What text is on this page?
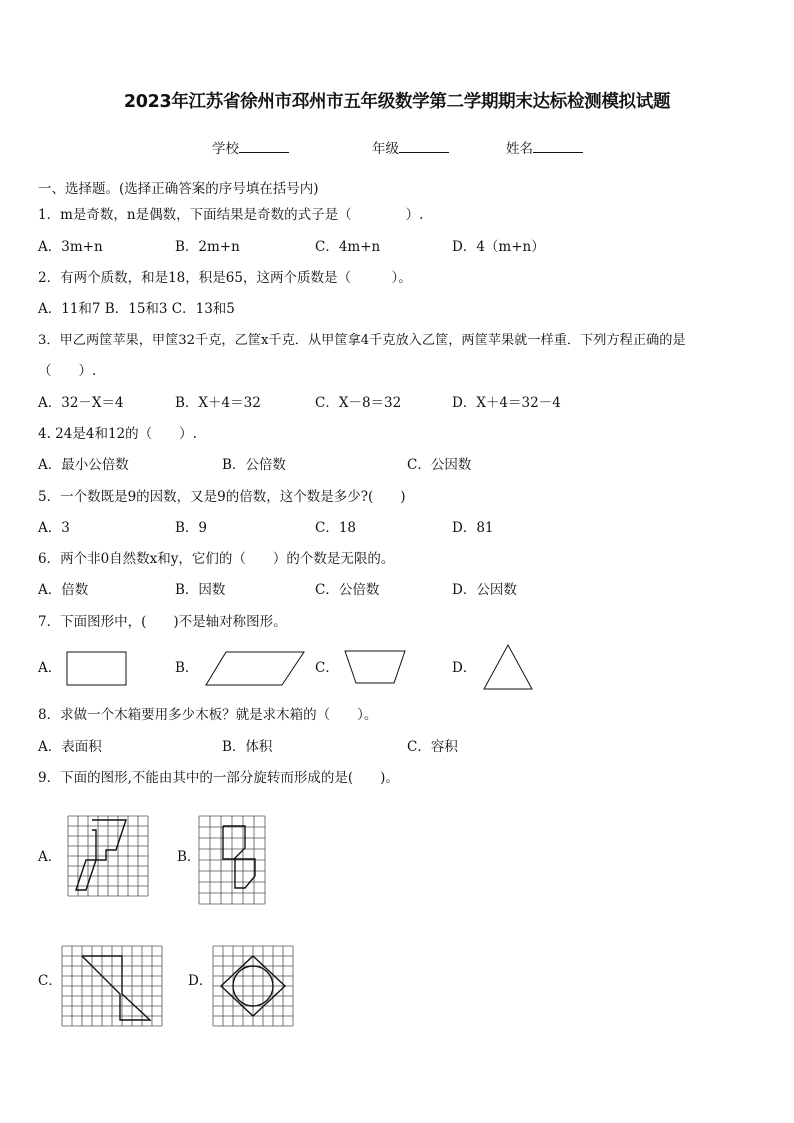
2023年江苏省徐州市邳州市五年级数学第二学期期末达标检测模拟试题
学校	年级	姓名
一、选择题。(选择正确答案的序号填在括号内)
1．m是奇数，n是偶数，下面结果是奇数的式子是（　　　　）.
A．3m+n	B．2m+n	C．4m+n	D．4（m+n）
2．有两个质数，和是18，积是65，这两个质数是（　　　）。
A．11和7 B．15和3 C．13和5
3．甲乙两筐苹果，甲筐32千克，乙筐x千克．从甲筐拿4千克放入乙筐，两筐苹果就一样重．下列方程正确的是
（　　）.
A．32－X＝4	B．X＋4＝32	C．X－8＝32	D．X＋4＝32－4
4. 24是4和12的（　　）.
A．最小公倍数	B．公倍数	C．公因数
5．一个数既是9的因数，又是9的倍数，这个数是多少?(　　)
A．3	B．9	C．18	D．81
6．两个非0自然数x和y，它们的（　　）的个数是无限的。
A．倍数	B．因数	C．公倍数	D．公因数
7．下面图形中，(　　)不是轴对称图形。
A．	B．	C．	D．
8．求做一个木箱要用多少木板？就是求木箱的（　　）。
A．表面积	B．体积	C．容积
9．下面的图形,不能由其中的一部分旋转而形成的是(　　)。
A．	B．
C．	D．
